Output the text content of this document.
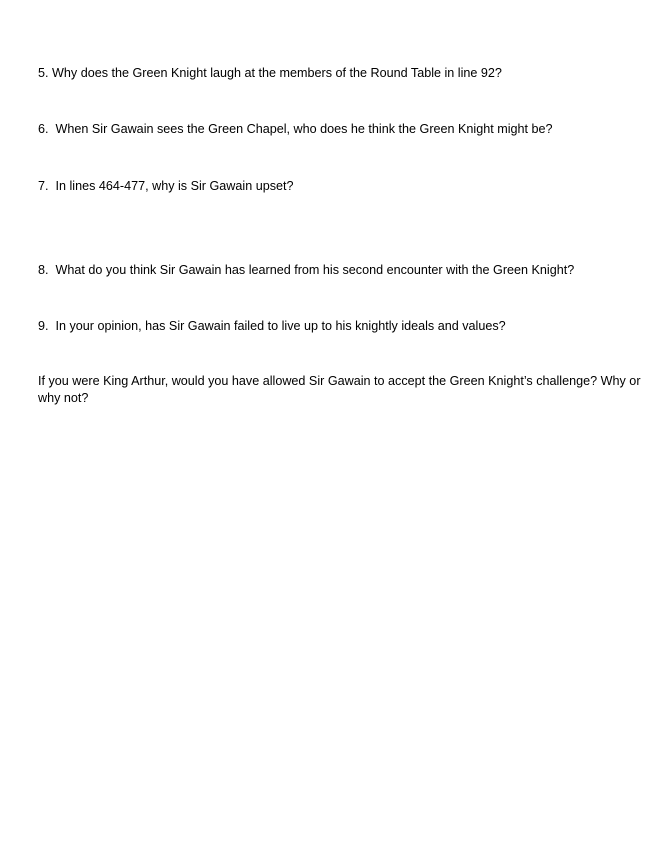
5. Why does the Green Knight laugh at the members of the Round Table in line 92?

6.  When Sir Gawain sees the Green Chapel, who does he think the Green Knight might be?

7.  In lines 464-477, why is Sir Gawain upset?

8.  What do you think Sir Gawain has learned from his second encounter with the Green Knight?

9.  In your opinion, has Sir Gawain failed to live up to his knightly ideals and values?

If you were King Arthur, would you have allowed Sir Gawain to accept the Green Knight’s challenge? Why or why not?
